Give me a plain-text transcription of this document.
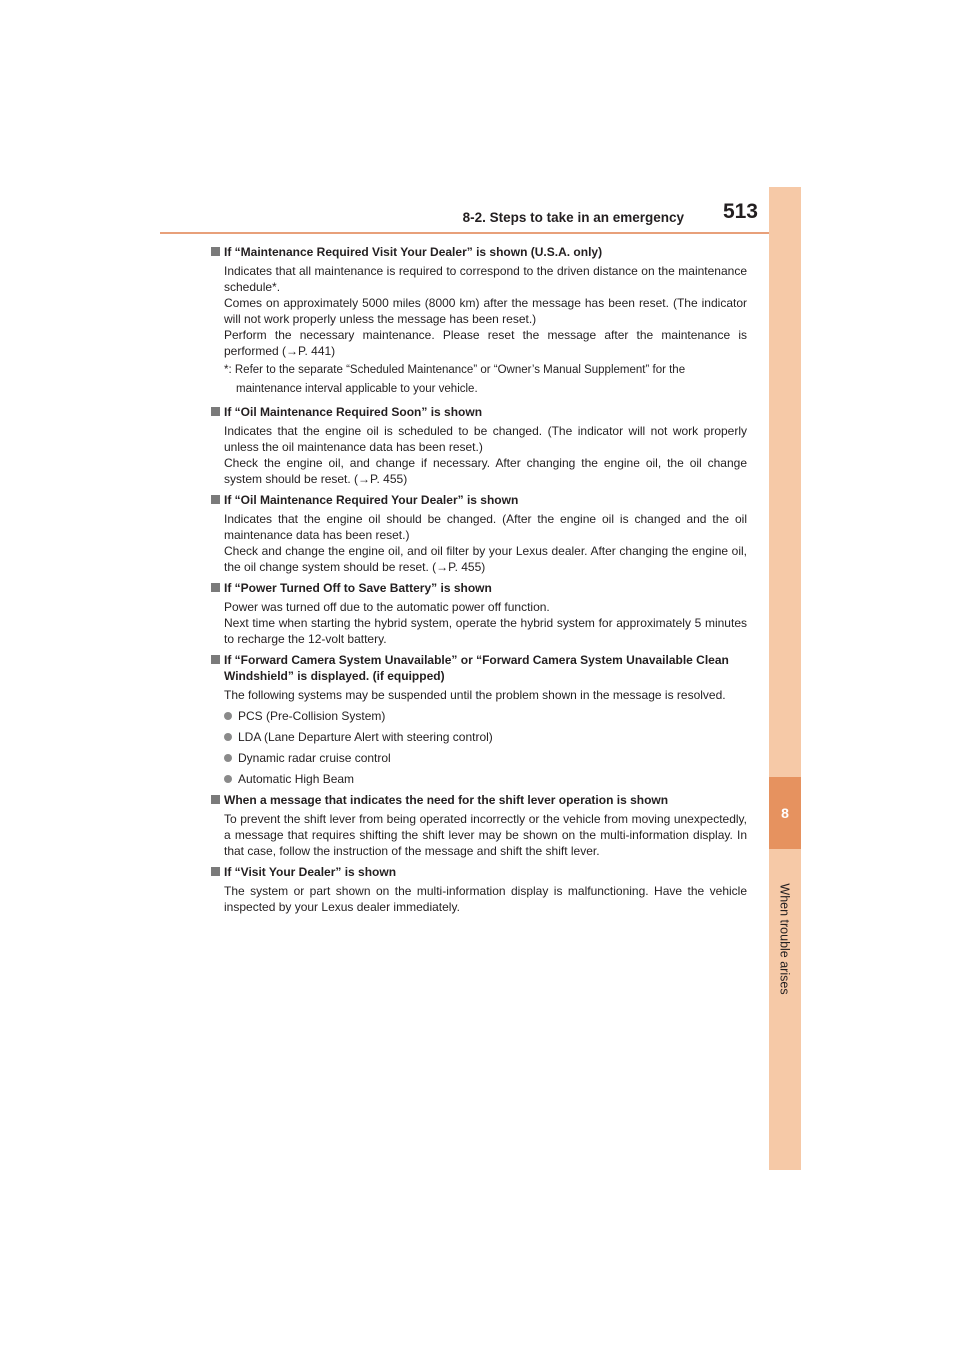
8-2. Steps to take in an emergency 513
8
When trouble arises
If “Maintenance Required Visit Your Dealer” is shown (U.S.A. only)
Indicates that all maintenance is required to correspond to the driven distance on the maintenance schedule*.
Comes on approximately 5000 miles (8000 km) after the message has been reset. (The indicator will not work properly unless the message has been reset.)
Perform the necessary maintenance. Please reset the message after the maintenance is performed (→P. 441)
*: Refer to the separate “Scheduled Maintenance” or “Owner’s Manual Supplement” for the maintenance interval applicable to your vehicle.
If “Oil Maintenance Required Soon” is shown
Indicates that the engine oil is scheduled to be changed. (The indicator will not work properly unless the oil maintenance data has been reset.)
Check the engine oil, and change if necessary. After changing the engine oil, the oil change system should be reset. (→P. 455)
If “Oil Maintenance Required Your Dealer” is shown
Indicates that the engine oil should be changed. (After the engine oil is changed and the oil maintenance data has been reset.)
Check and change the engine oil, and oil filter by your Lexus dealer. After changing the engine oil, the oil change system should be reset. (→P. 455)
If “Power Turned Off to Save Battery” is shown
Power was turned off due to the automatic power off function.
Next time when starting the hybrid system, operate the hybrid system for approximately 5 minutes to recharge the 12-volt battery.
If “Forward Camera System Unavailable” or “Forward Camera System Unavailable Clean Windshield” is displayed. (if equipped)
The following systems may be suspended until the problem shown in the message is resolved.
PCS (Pre-Collision System)
LDA (Lane Departure Alert with steering control)
Dynamic radar cruise control
Automatic High Beam
When a message that indicates the need for the shift lever operation is shown
To prevent the shift lever from being operated incorrectly or the vehicle from moving unexpectedly, a message that requires shifting the shift lever may be shown on the multi-information display. In that case, follow the instruction of the message and shift the shift lever.
If “Visit Your Dealer” is shown
The system or part shown on the multi-information display is malfunctioning. Have the vehicle inspected by your Lexus dealer immediately.
